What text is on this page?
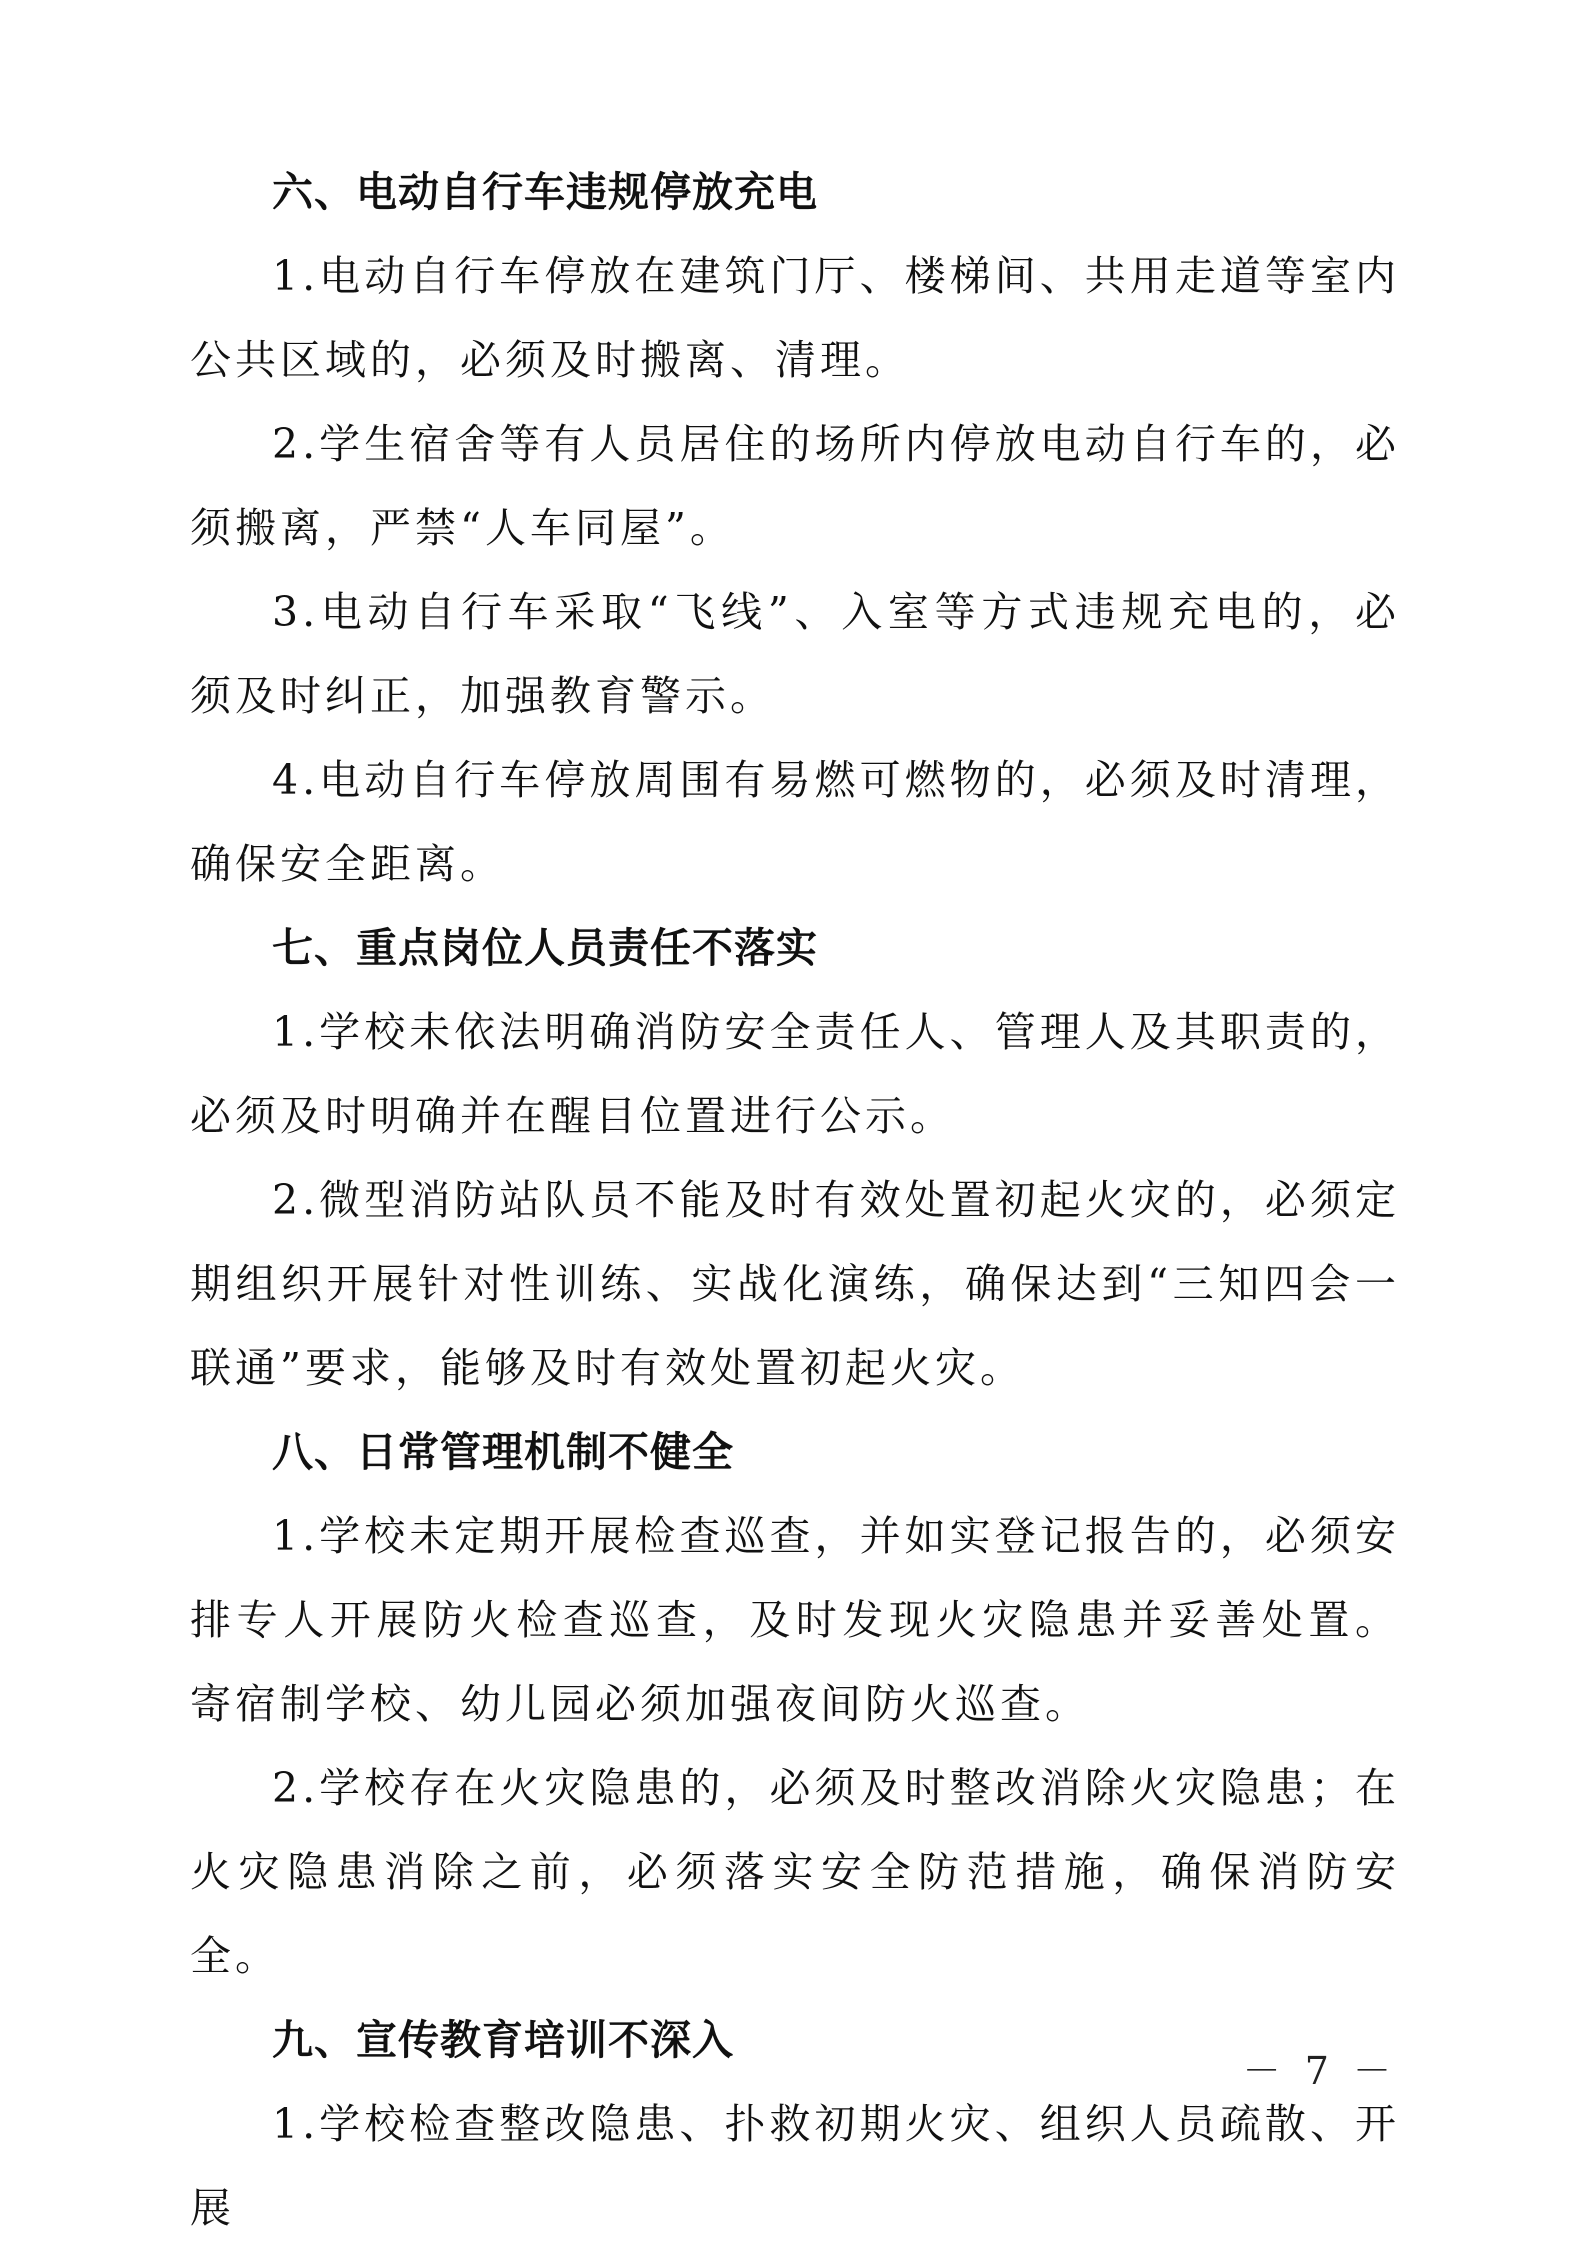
六、电动自行车违规停放充电

1.电动自行车停放在建筑门厅、楼梯间、共用走道等室内公共区域的，必须及时搬离、清理。

2.学生宿舍等有人员居住的场所内停放电动自行车的，必须搬离，严禁“人车同屋”。

3.电动自行车采取“飞线”、入室等方式违规充电的，必须及时纠正，加强教育警示。

4.电动自行车停放周围有易燃可燃物的，必须及时清理，确保安全距离。

七、重点岗位人员责任不落实

1.学校未依法明确消防安全责任人、管理人及其职责的，必须及时明确并在醒目位置进行公示。

2.微型消防站队员不能及时有效处置初起火灾的，必须定期组织开展针对性训练、实战化演练，确保达到“三知四会一联通”要求，能够及时有效处置初起火灾。

八、日常管理机制不健全

1.学校未定期开展检查巡查，并如实登记报告的，必须安排专人开展防火检查巡查，及时发现火灾隐患并妥善处置。寄宿制学校、幼儿园必须加强夜间防火巡查。

2.学校存在火灾隐患的，必须及时整改消除火灾隐患；在火灾隐患消除之前，必须落实安全防范措施，确保消防安全。

九、宣传教育培训不深入

1.学校检查整改隐患、扑救初期火灾、组织人员疏散、开展

－ 7 －
